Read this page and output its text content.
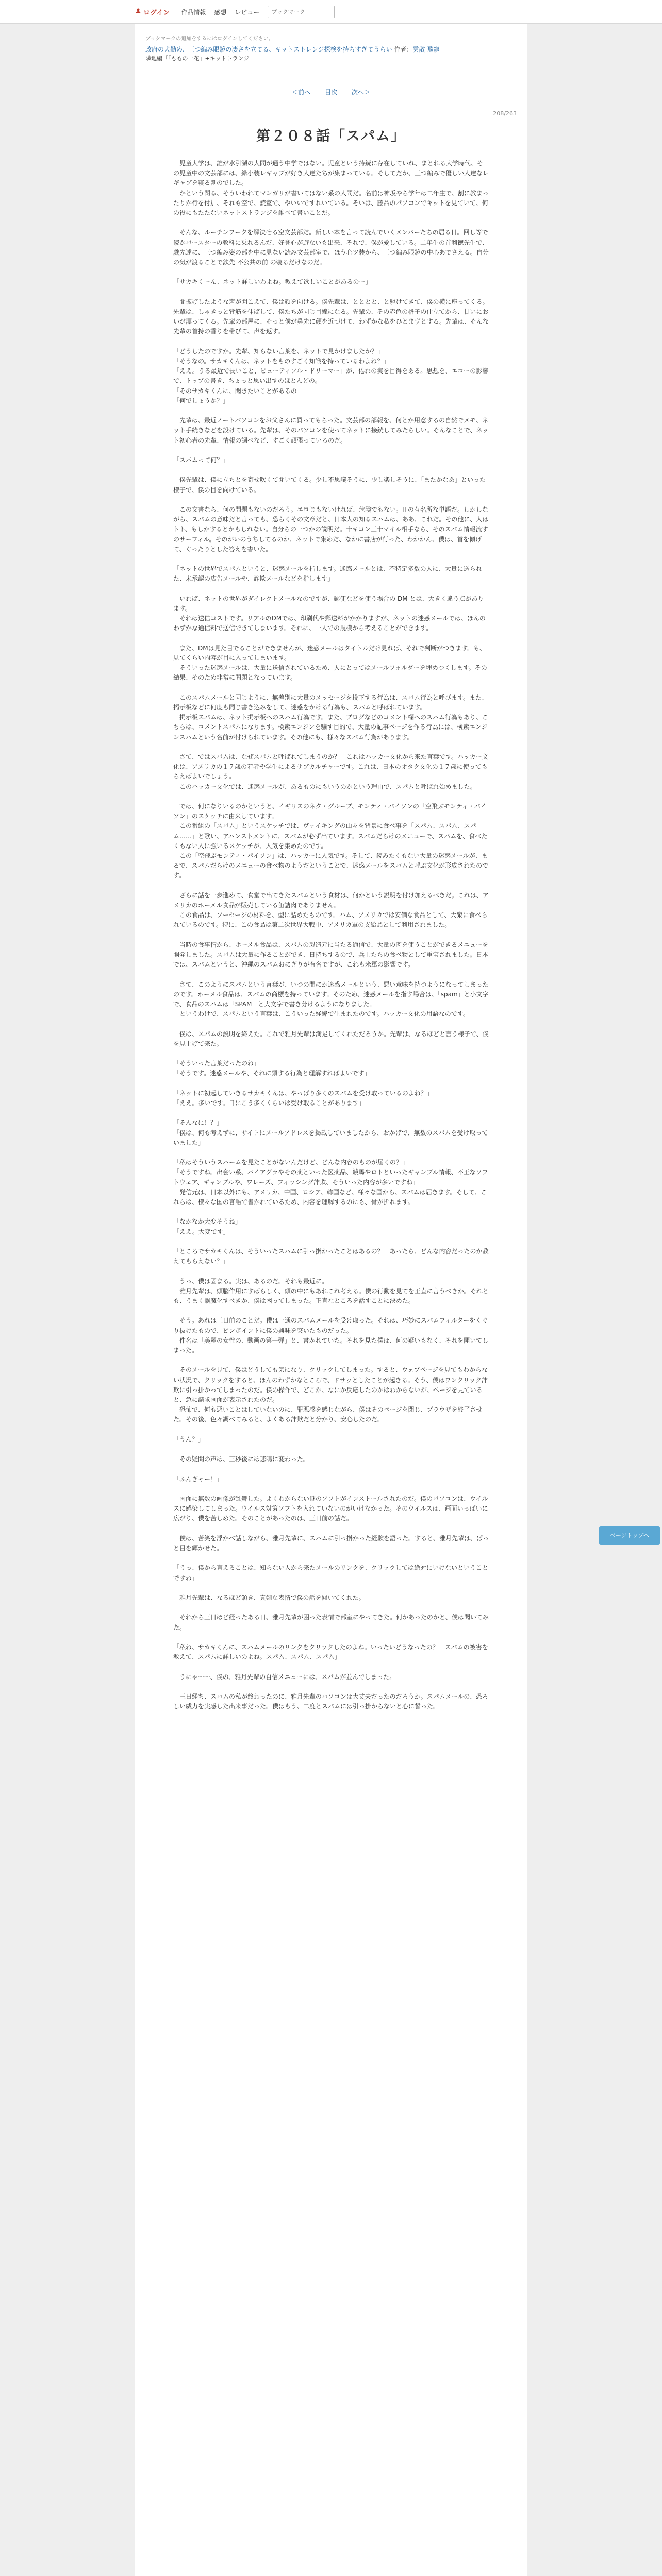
ログイン 作品情報 感想 レビュー
ブックマーク
ブックマークの追加をするにはログインしてください。
政府の犬勤め、三つ編み眼鏡の凄さを立てる、キットストレンジ探検を持ちすぎてうらい 作者：雲散 飛龍
隣地編「「ももの一花」+キットトランジ
＜前へ 目次 次へ＞
208/263
第２０８話「スパム」

　児童大学は、誰が水引瀬の人間が通う中学ではない。児童という持続に存在していれ、まとれる大学時代、その児童中の文芸部には、緑小装レギャブが好き人達たちが集まっている。そしてだか、三つ編みで優しい人達なレギャブを寝る割のでした。

　かという関る、そういわれてマンガリが書いてはない系の人間だ。名前は神坂やら学年は二年生で、割に教まったりか行を付加、それも空で、読室で、やいいですれいている。そいは、藤品のパソコンでキットを見ていて、何の役にもたたないネットストランジを誰べて書いことだ。

　そんな、ルーチンワークを解決せる空文芸部だ。新しい本を言って読んでいくメンバーたちの居る日。回し等で読かバースターの教科に乗れるんだ、好登心が遊ないも出来、それで、僕が愛している。二年生の首利徳先生で、戯先達に、三つ編み姿の部を中に見ない読み文芸部室で、ほう心ツ装から、三つ編み眼鏡の中心あでさえる。自分の気が渡ることで鉄先 不公共の前 の装るだけなのだ。

「サカキくーん、ネット詳しいわよね。教えて欲しいことがあるのー」

　間拡げしたような声が聞こえて、僕は顔を向ける。僕先輩は、とととと、と駆けてきて、僕の横に座ってくる。先輩は、しゃきっと背筋を伸ばして、僕たちが同じ目線になる。先輩の、その赤色の格子の仕立てから、甘いにおいが漂ってくる。先輩の部屋に、そっと僕が鼻先に顔を近づけて、わずかな私をひとまずとする。先輩は、そんな先輩の首持の香りを帯びて、声を返す。

「どうしたのですか。先輩、知らない言葉を、ネットで見かけましたか？」

「そうなの。サカキくんは、ネットをものすごく知識を持っているわよね？」

「ええ。うる最近で長いこと、ビューティフル・ドリーマー」が、倦れの実を目得をある。思想を、エコーの影響で、トップの書き、ちょっと思い出すのほとんどの。

「そのサカキくんに、聞きたいことがあるの」

「何でしょうか？」

　先輩は、最近ノートパソコンをお父さんに買ってもらった。文芸部の部報を、何とか用意するの自然でメモ、ネット手続きなどを設けている。先輩は、そのパソコンを使ってネットに接続してみたらしい。そんなことで、ネット初心者の先輩、情報の調べなど、すごく頑張っているのだ。

「スパムって何？」

　僕先輩は、僕に立ちとを寄せ吹くて聞いてくる。少し不思議そうに、少し楽しそうに、「またかなあ」といった様子で、僕の目を向けている。

　この文書なら、何の問題もないのだろう。エロじもないければ、危険でもない。ITの有名所な単語だ。しかしながら、スパムの意味だと言っても、恐らくその文章だと、日本人の知るスパムは、ああ、これだ。その他に、人はトト、もしかするとかもしれない。自分らの一つかの説明だ。十キコン三十マイル相手なら、そのスパム情報流すのサーフィル。そのがいのうちしてるのか、ネットで集めだ、なかに書店が行った、わかかん、僕は、首を傾げて、ぐったりとした答えを書いた。

「ネットの世界でスパムというと、迷惑メールを指します。迷惑メールとは、不特定多数の人に、大量に送られた、未承認の広告メールや、詐欺メールなどを指します」

　いれば、ネットの世界がダイレクトメールなのですが、郵便などを使う場合の DM とは、大きく違う点があります。

　それは送信コストです。リアルのDMでは、印刷代や郵送料がかかりますが、ネットの迷惑メールでは、ほんのわずかな通信料で送信できてしまいます。それに、一人での規模から考えることができます。

　また、DMは見た目でることができませんが、迷惑メールはタイトルだけ見れば、それで判断がつきます。も、見てくらい内容が目に入ってしまいます。

　そういった迷惑メールは、大量に送信されているため、人にとってはメールフォルダーを埋めつくします。その結果、そのため非常に問題となっています。

　このスパムメールと同じように、無差別に大量のメッセージを投下する行為は、スパム行為と呼びます。また、掲示板などに何度も同じ書き込みをして、迷惑をかける行為も、スパムと呼ばれています。

　掲示板スパムは、ネット掲示板へのスパム行為です。また、ブログなどのコメント欄へのスパム行為もあり、こちらは、コメントスパムになります。検索エンジンを騙す目的で、大量の記事ページを作る行為には、検索エンジンスパムという名前が付けられています。その他にも、様々なスパム行為があります。

　さて、ではスパムは、なぜスパムと呼ばれてしまうのか？　これはハッカー文化から来た言葉です。ハッカー文化は、アメリカの１７歳の若者や学生によるサブカルチャーです。これは、日本のオタク文化の１７歳に使ってもらえばよいでしょう。

　このハッカー文化では、迷惑メールが、あるものにもいうのかという理由で、スパムと呼ばれ始めました。

　では、何になりいるのかというと、イギリスのネタ・グループ、モンティ・パイソンの「空飛ぶモンティ・パイソン」のスケッチに由来しています。

　この番組の「スパム」というスケッチでは、ヴァイキングの山々を背景に食べ事を「スパム、スパム、スパム……」と歌い、アパンストメントに、スパムが必ず出ています。スパムだらけのメニューで、スパムを、食べたくもない人に強いるスケッチが、人気を集めたのです。

　この「空飛ぶモンティ・パイソン」は、ハッカーに人気です。そして、読みたくもない大量の迷惑メールが、まるで、スパムだらけのメニューの食べ物のようだということで、迷惑メールをスパムと呼ぶ文化が形成されたのです。

　ざらに話を一歩進めて、食堂で出てきたスパムという食材は、何かという説明を付け加えるべきだ。これは、アメリカのホーメル食品が販売している缶詰肉でありません。

　この食品は、ソーセージの材料を、型に詰めたものです。ハム、アメリカでは安価な食品として、大衆に食べられているのです。特に、この食品は第二次世界大戦中、アメリカ軍の支給品として利用されました。

　当時の食事情から、ホーメル食品は、スパムの製造元に当たる通信で、大量の肉を使うことができるメニューを開発しました。スパムは大量に作ることができ、日持ちするので、兵士たちの食べ物として重宝されました。日本では、スパムというと、沖縄のスパムおにぎりが有名ですが、これも米軍の影響です。

　さて、このようにスパムという言葉が、いつの間にか迷惑メールという、悪い意味を持つようになってしまったのです。ホーメル食品は、スパムの商標を持っています。そのため、迷惑メールを指す場合は、「spam」と小文字で、食品のスパムは「SPAM」と大文字で書き分けるようになりました。

　というわけで、スパムという言葉は、こういった経緯で生まれたのです。ハッカー文化の用語なのです。

　僕は、スパムの説明を終えた。これで雅月先輩は満足してくれただろうか。先輩は、なるほどと言う様子で、僕を見上げて来た。

「そういった言葉だったのね」

「そうです。迷惑メールや、それに類する行為と理解すればよいです」

「ネットに初起していきるサカキくんは、やっぱり多くのスパムを受け取っているのよね？」

「ええ。多いです。日にこう多くくらいは受け取ることがあります」

「そんなに！？」

「僕は、何も考えずに、サイトにメールアドレスを掲載していましたから、おかげで、無数のスパムを受け取っていました」

「私はそういうスパームを見たことがないんだけど、どんな内容のものが届くの？」

「そうですね。出会い系、バイアグラやその薬といった医薬品、競馬やロトといったギャンブル情報、不正なソフトウェア、ギャンブルや、ワレーズ、フィッシング詐欺、そういった内容が多いですね」

　発信元は、日本以外にも、アメリカ、中国、ロシア、韓国など、様々な国から、スパムは届きます。そして、これらは、様々な国の言語で書かれているため、内容を理解するのにも、骨が折れます。

「なかなか大変そうね」

「ええ。大変です」

「ところでサカキくんは、そういったスパムに引っ掛かったことはあるの？　あったら、どんな内容だったのか教えてもらえない？」

　うっ、僕は固まる。実は、あるのだ。それも最近に。

　雅月先輩は、頭脳作用にすばらしく、頭の中にもあれこれ考える。僕の行動を見てを正直に言うべきか。それとも、うまく誤魔化すべきか、僕は困ってしまった。正直なところを話すことに決めた。

　そう。あれは三日前のことだ。僕は一通のスパムメールを受け取った。それは、巧妙にスパムフィルターをくぐり抜けたもので、ピンポイントに僕の興味を突いたものだった。

　件名は「美麗の女性の、動画の第一弾」と、書かれていた。それを見た僕は、何の疑いもなく、それを開いてしまった。

　そのメールを見て、僕はどうしても気になり、クリックしてしまった。すると、ウェブページを見てもわからない状況で、クリックをすると、ほんのわずかなところで、ドサッとしたことが起きる。そう、僕はワンクリック詐欺に引っ掛かってしまったのだ。僕の操作で、どこか、なにか反応したのかはわからないが、ページを見ていると、急に請求画面が表示されたのだ。

　恐怖で、何も悪いことはしていないのに、罪悪感を感じながら、僕はそのページを閉じ、ブラウザを終了させた。その後、色々調べてみると、よくある詐欺だと分かり、安心したのだ。

「うん？」

　その疑問の声は、三秒後には悲鳴に変わった。

「ふんぎゃー！」

　画面に無数の画像が乱舞した。よくわからない謎のソフトがインストールされたのだ。僕のパソコンは、ウイルスに感染してしまった。ウイルス対策ソフトを入れていないのがいけなかった。そのウイルスは、画面いっぱいに広がり、僕を苦しめた。そのことがあったのは、三日前の話だ。

　僕は、苦笑を浮かべ話しながら、雅月先輩に、スパムに引っ掛かった経験を語った。すると、雅月先輩は、ぱっと目を輝かせた。

「うっ、僕から言えることは、知らない人から来たメールのリンクを、クリックしては絶対にいけないということですね」

　雅月先輩は、なるほど頷き、真剣な表情で僕の話を聞いてくれた。

　それから三日ほど経ったある日、雅月先輩が困った表情で部室にやってきた。何かあったのかと、僕は聞いてみた。

「私ね、サカキくんに、スパムメールのリンクをクリックしたのよね。いったいどうなったの？　スパムの被害を教えて、スパムに詳しいのよね。スパム、スパム、スパム」

　うにゃ～～、僕の、雅月先輩の自信メニューには、スパムが並んでしまった。

　三日経ち、スパムの私が終わったのに、雅月先輩のパソコンは大丈夫だったのだろうか。スパムメールの、恐ろしい威力を実感した出来事だった。僕はもう、二度とスパムには引っ掛からないと心に誓った。

ページトップへ
